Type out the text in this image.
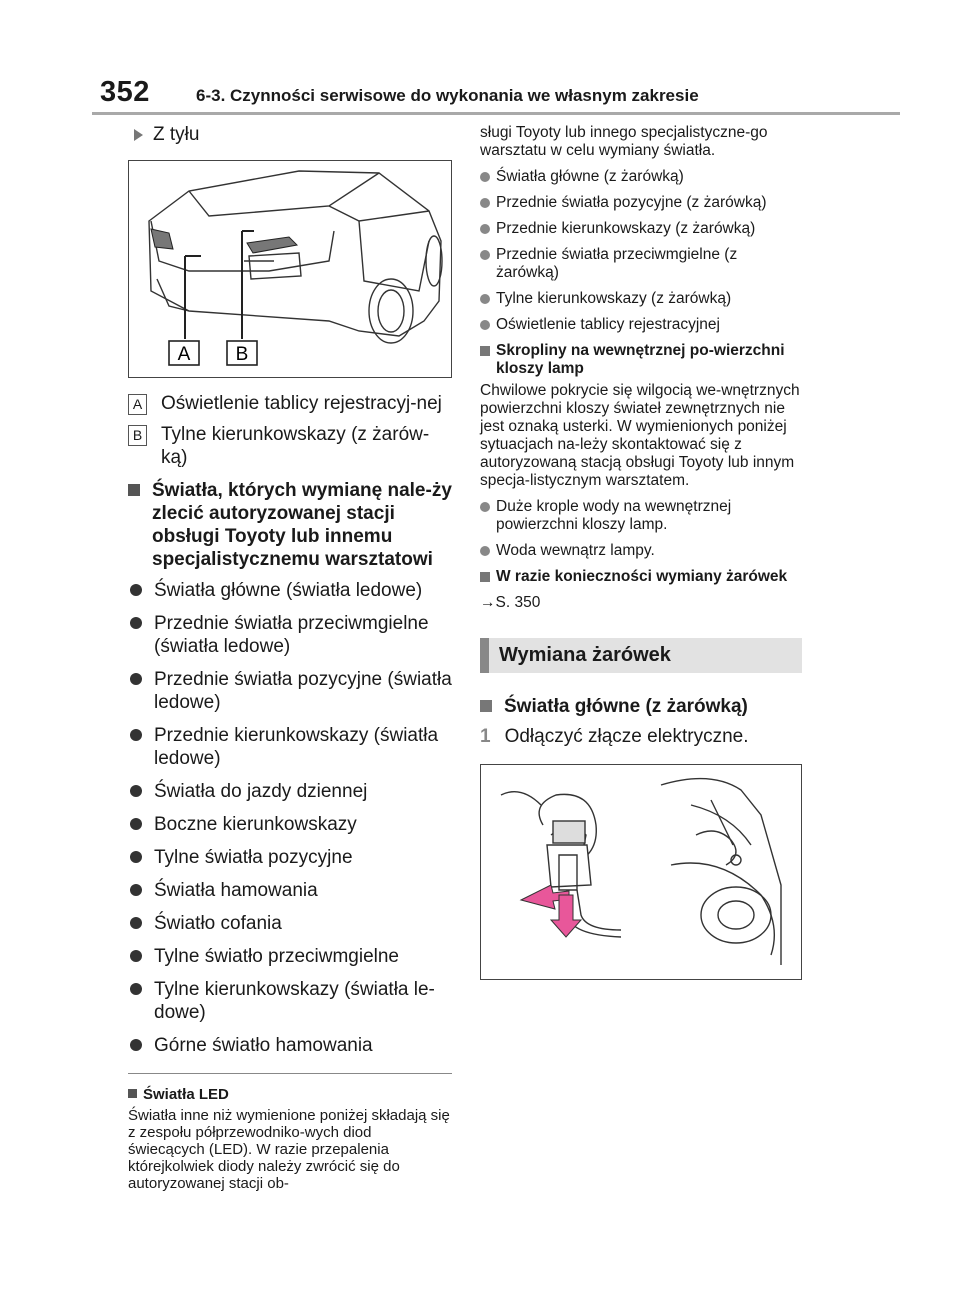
352	6-3. Czynności serwisowe do wykonania we własnym zakresie
Z tyłu
A B
A Oświetlenie tablicy rejestracyj-nej
B Tylne kierunkowskazy (z żarów-ką)
Światła, których wymianę nale-ży zlecić autoryzowanej stacji obsługi Toyoty lub innemu specjalistycznemu warsztatowi
Światła główne (światła ledowe)
Przednie światła przeciwmgielne (światła ledowe)
Przednie światła pozycyjne (światła ledowe)
Przednie kierunkowskazy (światła ledowe)
Światła do jazdy dziennej
Boczne kierunkowskazy
Tylne światła pozycyjne
Światła hamowania
Światło cofania
Tylne światło przeciwmgielne
Tylne kierunkowskazy (światła le-dowe)
Górne światło hamowania
Światła LED
Światła inne niż wymienione poniżej składają się z zespołu półprzewodniko-wych diod świecących (LED). W razie przepalenia którejkolwiek diody należy zwrócić się do autoryzowanej stacji ob-
sługi Toyoty lub innego specjalistyczne-go warsztatu w celu wymiany światła.
Światła główne (z żarówką)
Przednie światła pozycyjne (z żarówką)
Przednie kierunkowskazy (z żarówką)
Przednie światła przeciwmgielne (z żarówką)
Tylne kierunkowskazy (z żarówką)
Oświetlenie tablicy rejestracyjnej
Skropliny na wewnętrznej po-wierzchni kloszy lamp
Chwilowe pokrycie się wilgocią we-wnętrznych powierzchni kloszy świateł zewnętrznych nie jest oznaką usterki. W wymienionych poniżej sytuacjach na-leży skontaktować się z autoryzowaną stacją obsługi Toyoty lub innym specja-listycznym warsztatem.
Duże krople wody na wewnętrznej powierzchni kloszy lamp.
Woda wewnątrz lampy.
W razie konieczności wymiany żarówek
→S. 350
Wymiana żarówek
Światła główne (z żarówką)
1 Odłączyć złącze elektryczne.
